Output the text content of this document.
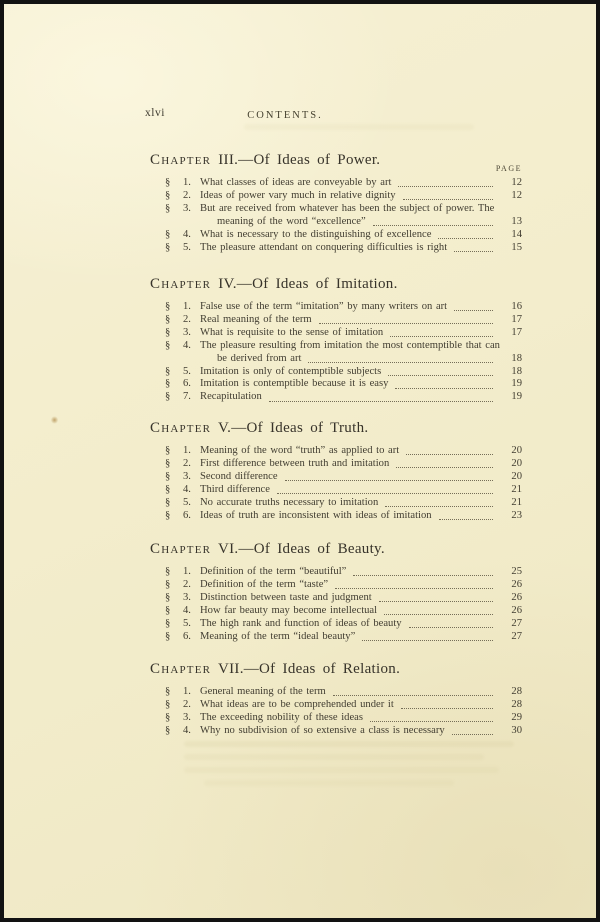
xlvi	CONTENTS.
PAGE
Chapter III.—Of Ideas of Power.
§	1. What classes of ideas are conveyable by art	12
§	2. Ideas of power vary much in relative dignity	12
§	3. But are received from whatever has been the subject of power. The
meaning of the word “excellence”	13
§	4. What is necessary to the distinguishing of excellence	14
§	5. The pleasure attendant on conquering difficulties is right	15
Chapter IV.—Of Ideas of Imitation.
§	1. False use of the term “imitation” by many writers on art	16
§	2. Real meaning of the term	17
§	3. What is requisite to the sense of imitation	17
§	4. The pleasure resulting from imitation the most contemptible that can
be derived from art	18
§	5. Imitation is only of contemptible subjects	18
§	6. Imitation is contemptible because it is easy	19
§	7. Recapitulation	19
Chapter V.—Of Ideas of Truth.
§	1. Meaning of the word “truth” as applied to art	20
§	2. First difference between truth and imitation	20
§	3. Second difference	20
§	4. Third difference	21
§	5. No accurate truths necessary to imitation	21
§	6. Ideas of truth are inconsistent with ideas of imitation	23
Chapter VI.—Of Ideas of Beauty.
§	1. Definition of the term “beautiful”	25
§	2. Definition of the term “taste”	26
§	3. Distinction between taste and judgment	26
§	4. How far beauty may become intellectual	26
§	5. The high rank and function of ideas of beauty	27
§	6. Meaning of the term “ideal beauty”	27
Chapter VII.—Of Ideas of Relation.
§	1. General meaning of the term	28
§	2. What ideas are to be comprehended under it	28
§	3. The exceeding nobility of these ideas	29
§	4. Why no subdivision of so extensive a class is necessary	30
